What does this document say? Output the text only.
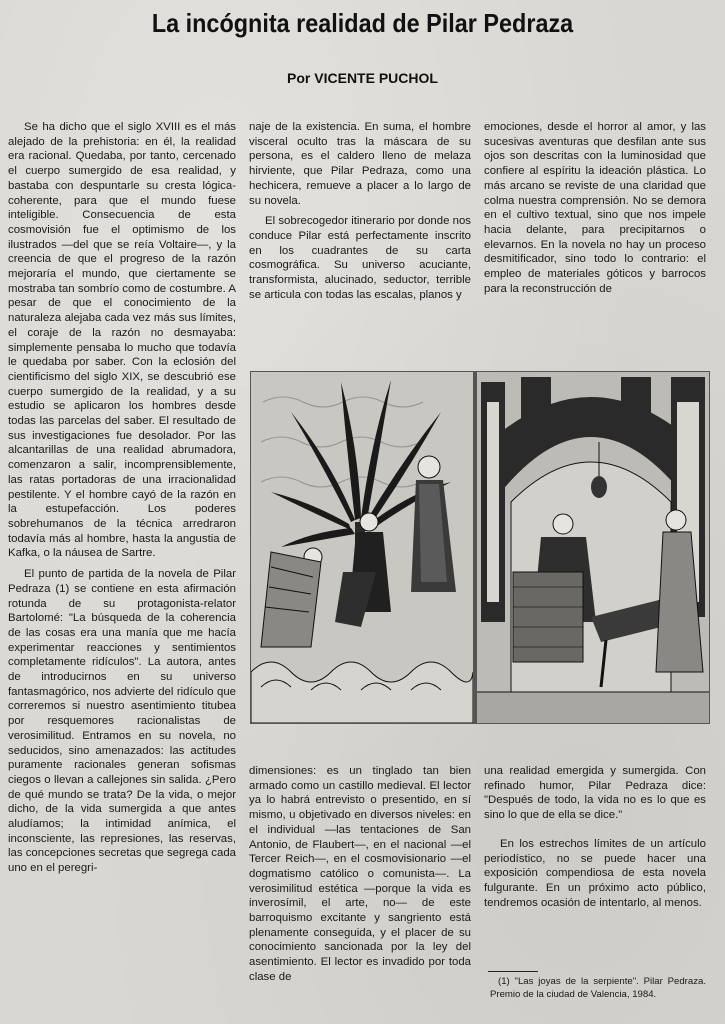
La incógnita realidad de Pilar Pedraza
Por VICENTE PUCHOL

Se ha dicho que el siglo XVIII es el más alejado de la prehistoria: en él, la realidad era racional. Quedaba, por tanto, cercenado el cuerpo sumergido de esa realidad, y bastaba con despuntarle su cresta lógica-coherente, para que el mundo fuese inteligible. Consecuencia de esta cosmovisión fue el optimismo de los ilustrados —del que se reía Voltaire—, y la creencia de que el progreso de la razón mejoraría el mundo, que ciertamente se mostraba tan sombrío como de costumbre. A pesar de que el conocimiento de la naturaleza alejaba cada vez más sus límites, el coraje de la razón no desmayaba: simplemente pensaba lo mucho que todavía le quedaba por saber. Con la eclosión del cientificismo del siglo XIX, se descubrió ese cuerpo sumergido de la realidad, y a su estudio se aplicaron los hombres desde todas las parcelas del saber. El resultado de sus investigaciones fue desolador. Por las alcantarillas de una realidad abrumadora, comenzaron a salir, incomprensiblemente, las ratas portadoras de una irracionalidad pestilente. Y el hombre cayó de la razón en la estupefacción. Los poderes sobrehumanos de la técnica arredraron todavía más al hombre, hasta la angustia de Kafka, o la náusea de Sartre.

El punto de partida de la novela de Pilar Pedraza (1) se contiene en esta afirmación rotunda de su protagonista-relator Bartolomé: "La búsqueda de la coherencia de las cosas era una manía que me hacía experimentar reacciones y sentimientos completamente ridículos". La autora, antes de introducirnos en su universo fantasmagórico, nos advierte del ridículo que correremos si nuestro asentimiento titubea por resquemores racionalistas de verosimilitud. Entramos en su novela, no seducidos, sino amenazados: las actitudes puramente racionales generan sofismas ciegos o llevan a callejones sin salida. ¿Pero de qué mundo se trata? De la vida, o mejor dicho, de la vida sumergida a que antes aludíamos; la intimidad anímica, el inconsciente, las represiones, las reservas, las concepciones secretas que segrega cada uno en el peregri-

naje de la existencia. En suma, el hombre visceral oculto tras la máscara de su persona, es el caldero lleno de melaza hirviente, que Pilar Pedraza, como una hechicera, remueve a placer a lo largo de su novela.

El sobrecogedor itinerario por donde nos conduce Pilar está perfectamente inscrito en los cuadrantes de su carta cosmográfica. Su universo acuciante, transformista, alucinado, seductor, terrible se articula con todas las escalas, planos y

emociones, desde el horror al amor, y las sucesivas aventuras que desfilan ante sus ojos son descritas con la luminosidad que confiere al espíritu la ideación plástica. Lo más arcano se reviste de una claridad que colma nuestra comprensión. No se demora en el cultivo textual, sino que nos impele hacia delante, para precipitarnos o elevarnos. En la novela no hay un proceso desmitificador, sino todo lo contrario: el empleo de materiales góticos y barrocos para la reconstrucción de

dimensiones: es un tinglado tan bien armado como un castillo medieval. El lector ya lo habrá entrevisto o presentido, en sí mismo, u objetivado en diversos niveles: en el individual —las tentaciones de San Antonio, de Flaubert—, en el nacional —el Tercer Reich—, en el cosmovisionario —el dogmatismo católico o comunista—. La verosimilitud estética —porque la vida es inverosímil, el arte, no— de este barroquismo excitante y sangriento está plenamente conseguida, y el placer de su conocimiento sancionada por la ley del asentimiento. El lector es invadido por toda clase de

una realidad emergida y sumergida. Con refinado humor, Pilar Pedraza dice: "Después de todo, la vida no es lo que es sino lo que de ella se dice."

En los estrechos límites de un artículo periodístico, no se puede hacer una exposición compendiosa de esta novela fulgurante. En un próximo acto público, tendremos ocasión de intentarlo, al menos.

(1) "Las joyas de la serpiente". Pilar Pedraza. Premio de la ciudad de Valencia, 1984.
